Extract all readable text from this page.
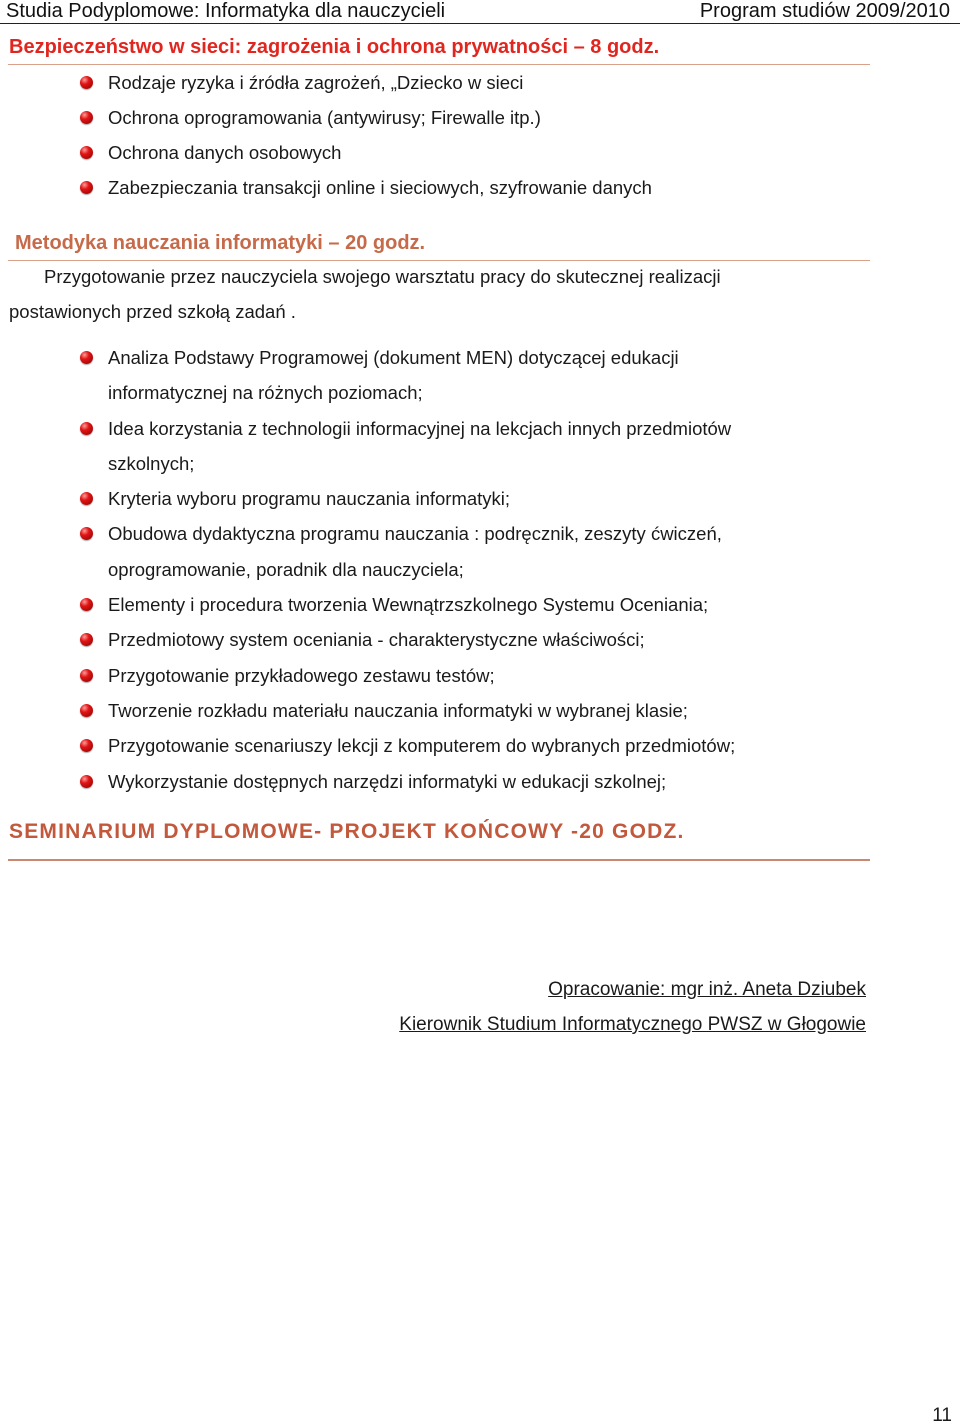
Studia Podyplomowe: Informatyka dla nauczycieli	Program studiów 2009/2010
Bezpieczeństwo w sieci: zagrożenia i ochrona prywatności – 8 godz.
Rodzaje ryzyka i źródła zagrożeń, „Dziecko w sieci
Ochrona oprogramowania (antywirusy; Firewalle itp.)
Ochrona danych osobowych
Zabezpieczania transakcji online i sieciowych, szyfrowanie danych
Metodyka nauczania informatyki – 20 godz.
Przygotowanie przez nauczyciela swojego warsztatu pracy do skutecznej realizacji
postawionych przed szkołą zadań .
Analiza Podstawy Programowej (dokument MEN) dotyczącej edukacji
informatycznej na różnych poziomach;
Idea korzystania z technologii informacyjnej na lekcjach innych przedmiotów
szkolnych;
Kryteria wyboru programu nauczania informatyki;
Obudowa dydaktyczna programu nauczania : podręcznik, zeszyty ćwiczeń,
oprogramowanie, poradnik dla nauczyciela;
Elementy i procedura tworzenia Wewnątrzszkolnego Systemu Oceniania;
Przedmiotowy system oceniania - charakterystyczne właściwości;
Przygotowanie przykładowego zestawu testów;
Tworzenie rozkładu materiału nauczania informatyki w wybranej klasie;
Przygotowanie scenariuszy lekcji z komputerem do wybranych przedmiotów;
Wykorzystanie dostępnych narzędzi informatyki w edukacji szkolnej;
SEMINARIUM DYPLOMOWE- PROJEKT KOŃCOWY -20 GODZ.
Opracowanie: mgr inż. Aneta Dziubek
Kierownik Studium Informatycznego PWSZ w Głogowie
11
